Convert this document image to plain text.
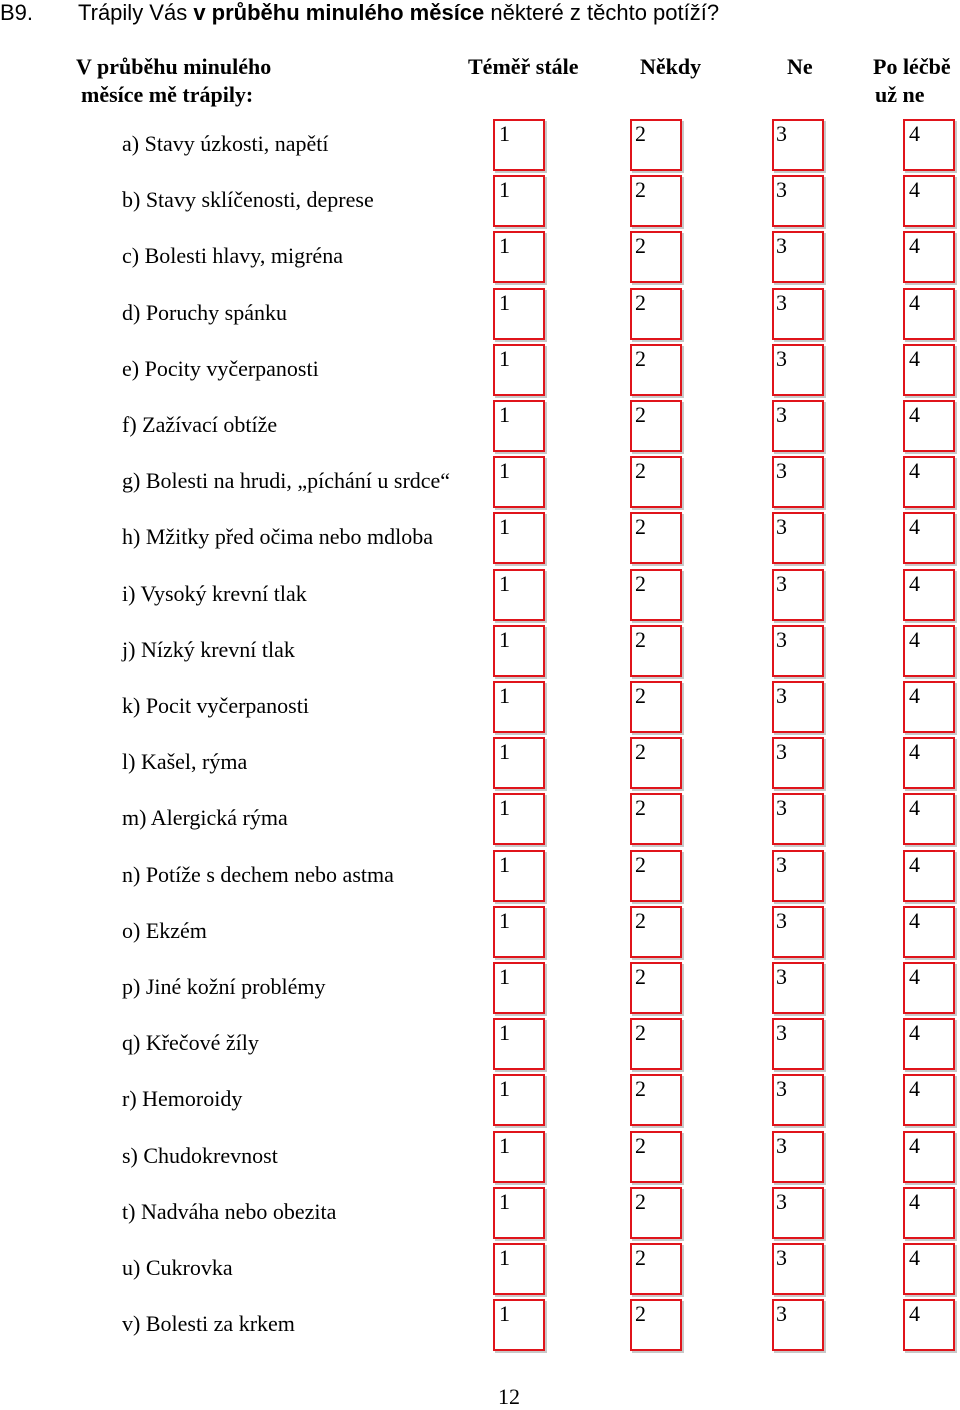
B9. Trápily Vás v průběhu minulého měsíce některé z těchto potíží?
V průběhu minulého
měsíce mě trápily:
Téměř stále	Někdy	Ne	Po léčbě
už ne
a) Stavy úzkosti, napětí	1	2	3	4
b) Stavy sklíčenosti, deprese	1	2	3	4
c) Bolesti hlavy, migréna	1	2	3	4
d) Poruchy spánku	1	2	3	4
e) Pocity vyčerpanosti	1	2	3	4
f) Zažívací obtíže	1	2	3	4
g) Bolesti na hrudi, „píchání u srdce“ 1	2	3	4
h) Mžitky před očima nebo mdloba	1	2	3	4
i) Vysoký krevní tlak	1	2	3	4
j) Nízký krevní tlak	1	2	3	4
k) Pocit vyčerpanosti	1	2	3	4
l) Kašel, rýma	1	2	3	4
m) Alergická rýma	1	2	3	4
n) Potíže s dechem nebo astma	1	2	3	4
o) Ekzém	1	2	3	4
p) Jiné kožní problémy	1	2	3	4
q) Křečové žíly	1	2	3	4
r) Hemoroidy	1	2	3	4
s) Chudokrevnost	1	2	3	4
t) Nadváha nebo obezita	1	2	3	4
u) Cukrovka	1	2	3	4
v) Bolesti za krkem	1	2	3	4
12
